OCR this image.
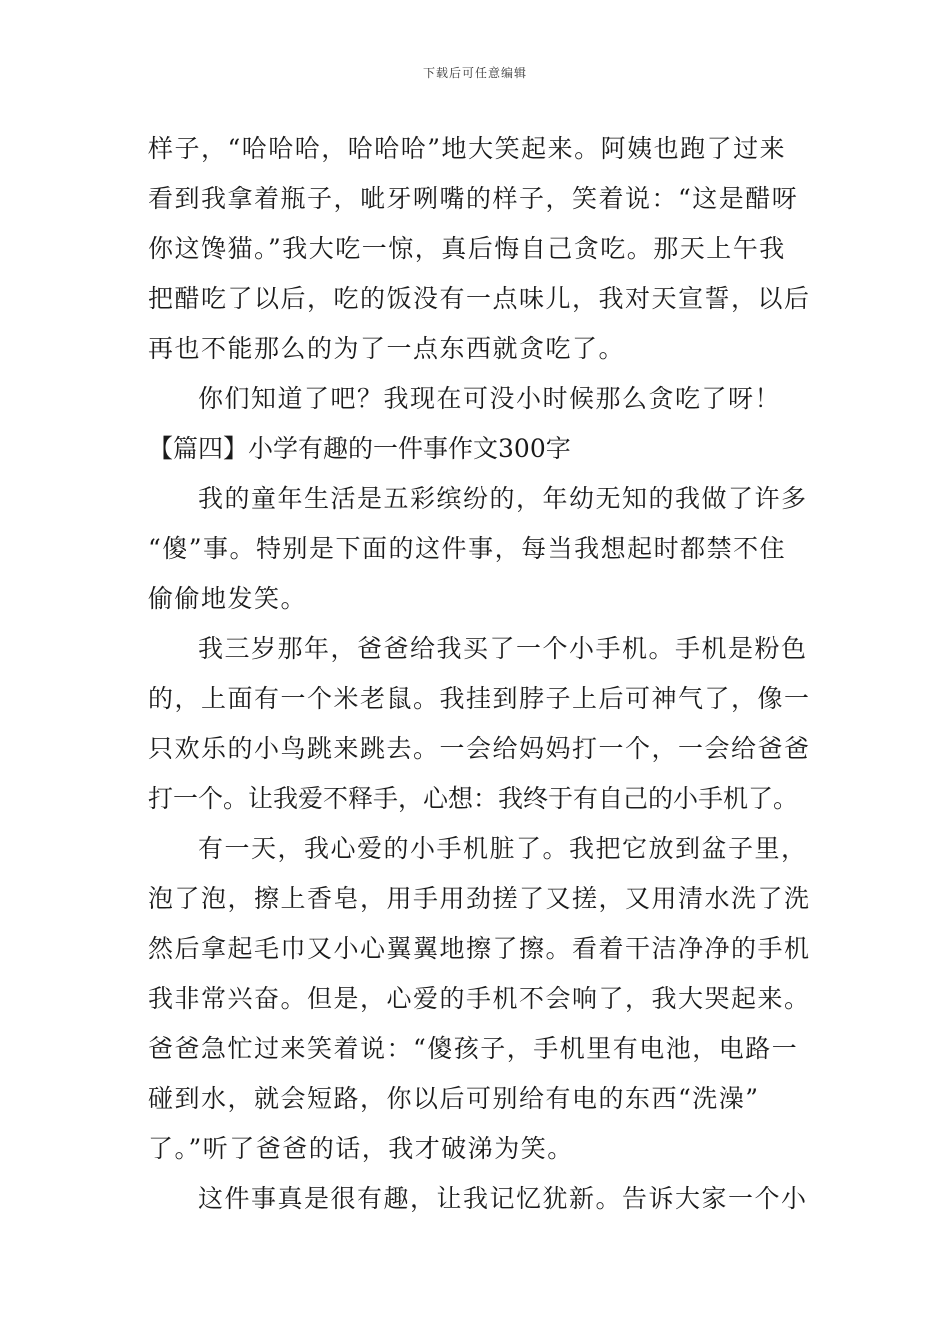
下载后可任意编辑
样子，“哈哈哈，哈哈哈”地大笑起来。阿姨也跑了过来
看到我拿着瓶子，呲牙咧嘴的样子，笑着说：“这是醋呀
你这馋猫。”我大吃一惊，真后悔自己贪吃。那天上午我
把醋吃了以后，吃的饭没有一点味儿，我对天宣誓，以后
再也不能那么的为了一点东西就贪吃了。
你们知道了吧？我现在可没小时候那么贪吃了呀！
【篇四】小学有趣的一件事作文300字
我的童年生活是五彩缤纷的，年幼无知的我做了许多
“傻”事。特别是下面的这件事，每当我想起时都禁不住
偷偷地发笑。
我三岁那年，爸爸给我买了一个小手机。手机是粉色
的，上面有一个米老鼠。我挂到脖子上后可神气了，像一
只欢乐的小鸟跳来跳去。一会给妈妈打一个，一会给爸爸
打一个。让我爱不释手，心想：我终于有自己的小手机了。
有一天，我心爱的小手机脏了。我把它放到盆子里，
泡了泡，擦上香皂，用手用劲搓了又搓，又用清水洗了洗
然后拿起毛巾又小心翼翼地擦了擦。看着干洁净净的手机
我非常兴奋。但是，心爱的手机不会响了，我大哭起来。
爸爸急忙过来笑着说：“傻孩子，手机里有电池，电路一
碰到水，就会短路，你以后可别给有电的东西“洗澡”
了。”听了爸爸的话，我才破涕为笑。
这件事真是很有趣，让我记忆犹新。告诉大家一个小
